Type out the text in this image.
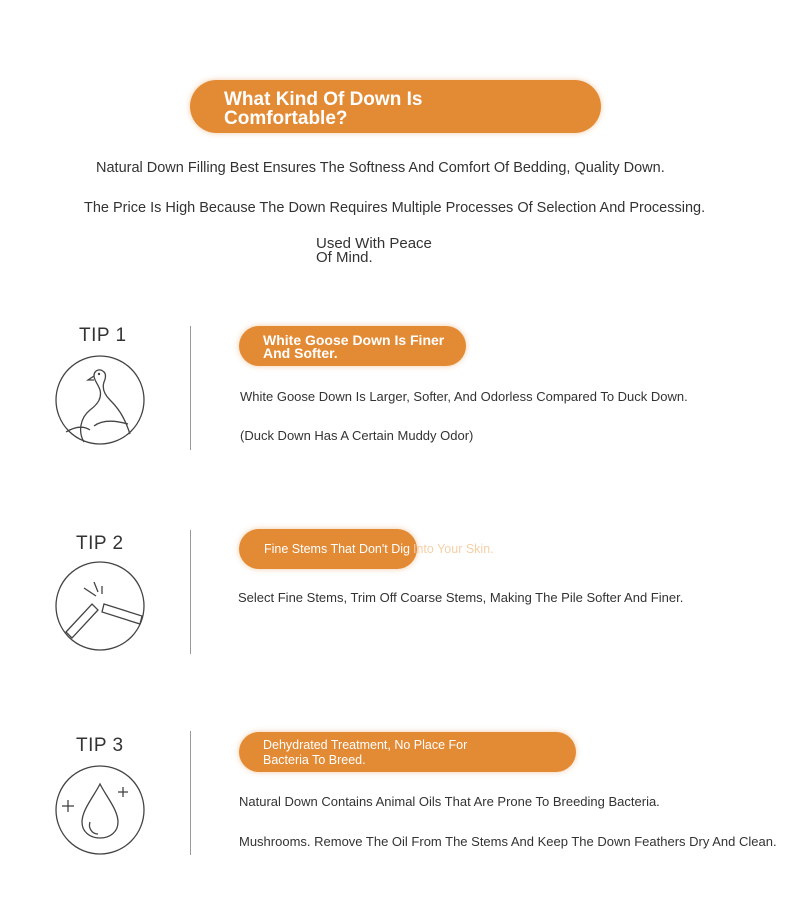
What Kind Of Down Is
Comfortable?
Natural Down Filling Best Ensures The Softness And Comfort Of Bedding, Quality Down.
The Price Is High Because The Down Requires Multiple Processes Of Selection And Processing.
Used With Peace
Of Mind.
TIP 1	White Goose Down Is Finer
And Softer.
White Goose Down Is Larger, Softer, And Odorless Compared To Duck Down.
(Duck Down Has A Certain Muddy Odor)
TIP 2	Fine Stems That Don't Dig Into Your Skin.
Select Fine Stems, Trim Off Coarse Stems, Making The Pile Softer And Finer.
TIP 3	Dehydrated Treatment, No Place For
Bacteria To Breed.
Natural Down Contains Animal Oils That Are Prone To Breeding Bacteria.
Mushrooms. Remove The Oil From The Stems And Keep The Down Feathers Dry And Clean.
